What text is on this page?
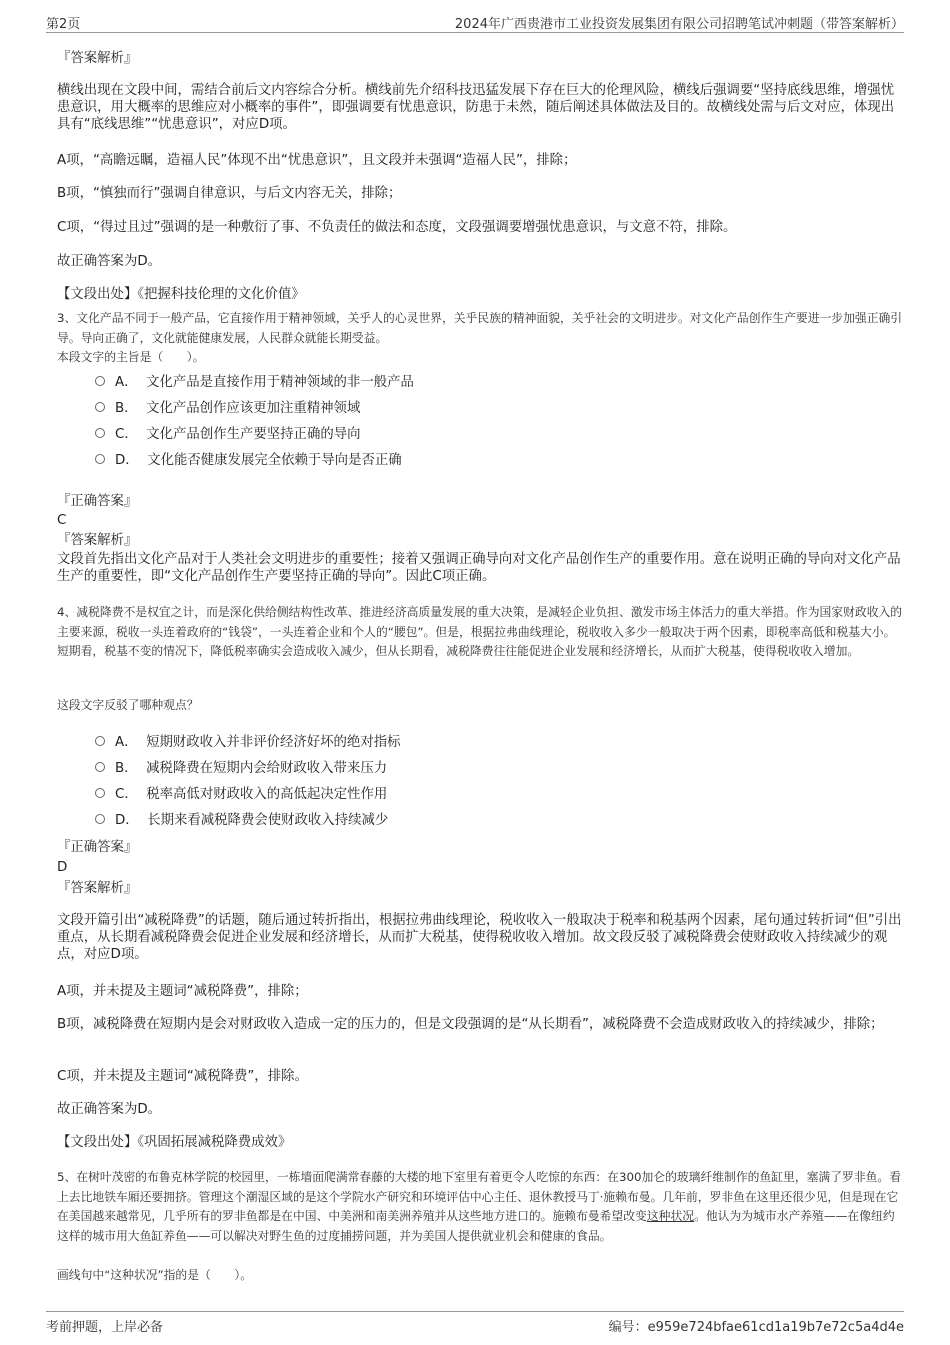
第2页	2024年广西贵港市工业投资发展集团有限公司招聘笔试冲刺题（带答案解析）
『答案解析』
横线出现在文段中间，需结合前后文内容综合分析。横线前先介绍科技迅猛发展下存在巨大的伦理风险，横线后强调要“坚持底线思维，增强忧患意识，用大概率的思维应对小概率的事件”，即强调要有忧患意识，防患于未然，随后阐述具体做法及目的。故横线处需与后文对应，体现出具有“底线思维”“忧患意识”，对应D项。
A项，“高瞻远瞩，造福人民”体现不出“忧患意识”，且文段并未强调“造福人民”，排除；
B项，“慎独而行”强调自律意识，与后文内容无关，排除；
C项，“得过且过”强调的是一种敷衍了事、不负责任的做法和态度，文段强调要增强忧患意识，与文意不符，排除。
故正确答案为D。
【文段出处】《把握科技伦理的文化价值》
3、文化产品不同于一般产品，它直接作用于精神领域，关乎人的心灵世界，关乎民族的精神面貌，关乎社会的文明进步。对文化产品创作生产要进一步加强正确引导。导向正确了，文化就能健康发展，人民群众就能长期受益。
本段文字的主旨是（　　）。
A． 文化产品是直接作用于精神领域的非一般产品
B． 文化产品创作应该更加注重精神领域
C． 文化产品创作生产要坚持正确的导向
D． 文化能否健康发展完全依赖于导向是否正确
『正确答案』
C
『答案解析』
文段首先指出文化产品对于人类社会文明进步的重要性；接着又强调正确导向对文化产品创作生产的重要作用。意在说明正确的导向对文化产品生产的重要性，即“文化产品创作生产要坚持正确的导向”。因此C项正确。
4、减税降费不是权宜之计，而是深化供给侧结构性改革、推进经济高质量发展的重大决策，是减轻企业负担、激发市场主体活力的重大举措。作为国家财政收入的主要来源，税收一头连着政府的“钱袋”，一头连着企业和个人的“腰包”。但是，根据拉弗曲线理论，税收收入多少一般取决于两个因素，即税率高低和税基大小。短期看，税基不变的情况下，降低税率确实会造成收入减少，但从长期看，减税降费往往能促进企业发展和经济增长，从而扩大税基，使得税收收入增加。
这段文字反驳了哪种观点？
A． 短期财政收入并非评价经济好坏的绝对指标
B． 减税降费在短期内会给财政收入带来压力
C． 税率高低对财政收入的高低起决定性作用
D． 长期来看减税降费会使财政收入持续减少
『正确答案』
D
『答案解析』
文段开篇引出“减税降费”的话题，随后通过转折指出，根据拉弗曲线理论，税收收入一般取决于税率和税基两个因素，尾句通过转折词“但”引出重点，从长期看减税降费会促进企业发展和经济增长，从而扩大税基，使得税收收入增加。故文段反驳了减税降费会使财政收入持续减少的观点，对应D项。
A项，并未提及主题词“减税降费”，排除；
B项，减税降费在短期内是会对财政收入造成一定的压力的，但是文段强调的是“从长期看”，减税降费不会造成财政收入的持续减少，排除；
C项，并未提及主题词“减税降费”，排除。
故正确答案为D。
【文段出处】《巩固拓展减税降费成效》
5、在树叶茂密的布鲁克林学院的校园里，一栋墙面爬满常春藤的大楼的地下室里有着更令人吃惊的东西：在300加仑的玻璃纤维制作的鱼缸里，塞满了罗非鱼。看上去比地铁车厢还要拥挤。管理这个潮湿区域的是这个学院水产研究和环境评估中心主任、退休教授马丁·施赖布曼。几年前，罗非鱼在这里还很少见，但是现在它在美国越来越常见，几乎所有的罗非鱼都是在中国、中美洲和南美洲养殖并从这些地方进口的。施赖布曼希望改变这种状况。他认为为城市水产养殖——在像纽约这样的城市用大鱼缸养鱼——可以解决对野生鱼的过度捕捞问题，并为美国人提供就业机会和健康的食品。
画线句中“这种状况”指的是（　　）。
考前押题，上岸必备	编号：e959e724bfae61cd1a19b7e72c5a4d4e
